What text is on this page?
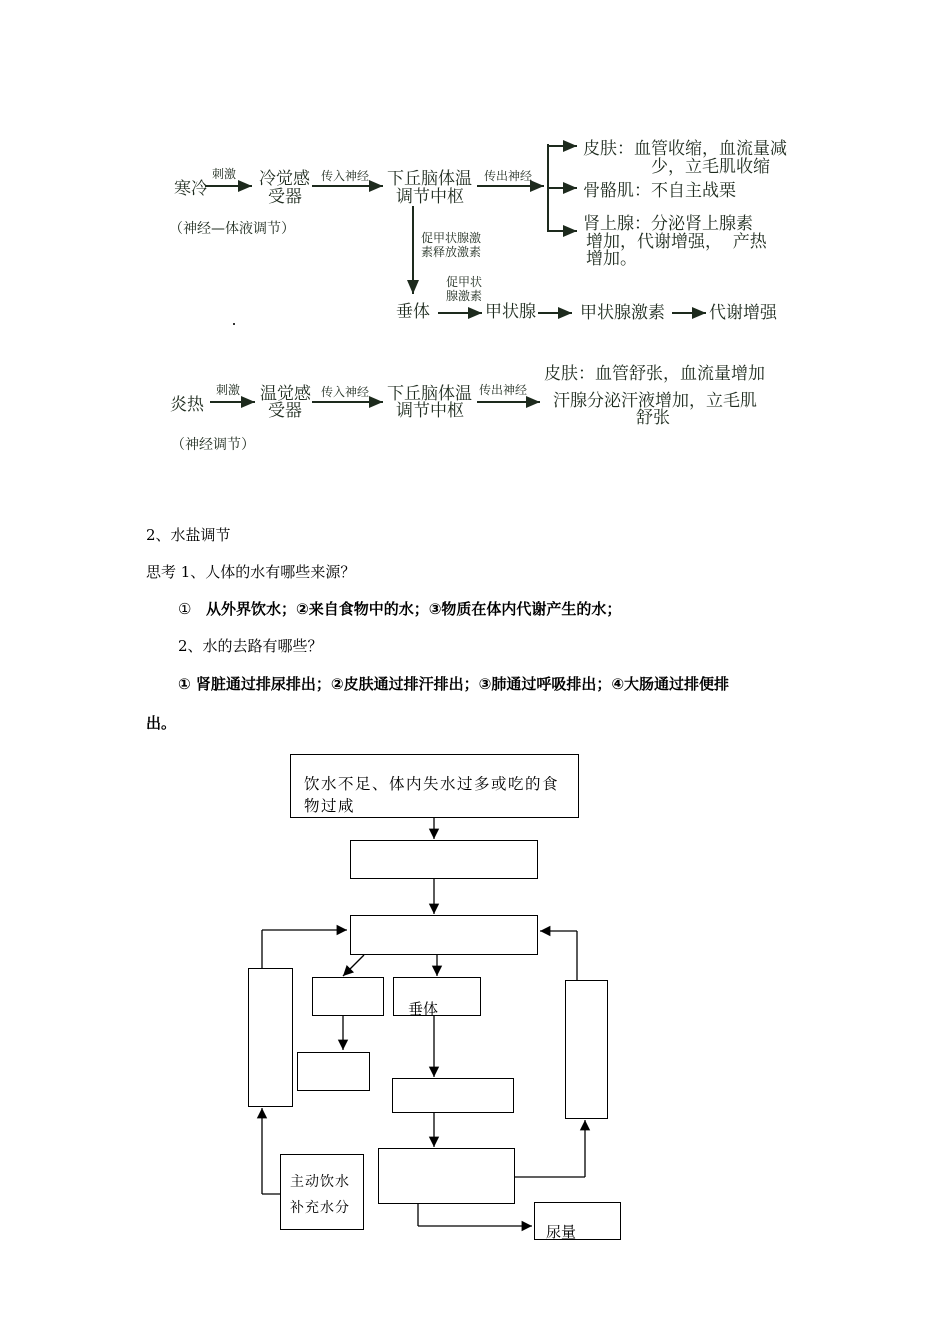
寒冷
刺激 冷觉感
受器
传入神经 下丘脑体温
调节中枢
传出神经
（神经—体液调节）
皮肤：血管收缩，血流量减
少，立毛肌收缩
骨骼肌：不自主战栗
肾上腺：分泌肾上腺素
增加，代谢增强，  产热
增加。
促甲状腺激
素释放激素
垂体
促甲状
腺激素
甲状腺	甲状腺激素	代谢增强
炎热
刺激 温觉感
受器
传入神经 下丘脑体温
调节中枢
传出神经
皮肤：血管舒张，血流量增加
汗腺分泌汗液增加，立毛肌
舒张
（神经调节）
2、水盐调节
思考 1、人体的水有哪些来源？
① 从外界饮水；②来自食物中的水；③物质在体内代谢产生的水；
2、水的去路有哪些？
① 肾脏通过排尿排出；②皮肤通过排汗排出；③肺通过呼吸排出；④大肠通过排便排
出。
饮水不足、体内失水过多或吃的食物过咸
垂体
主动饮水
补充水分
尿量
